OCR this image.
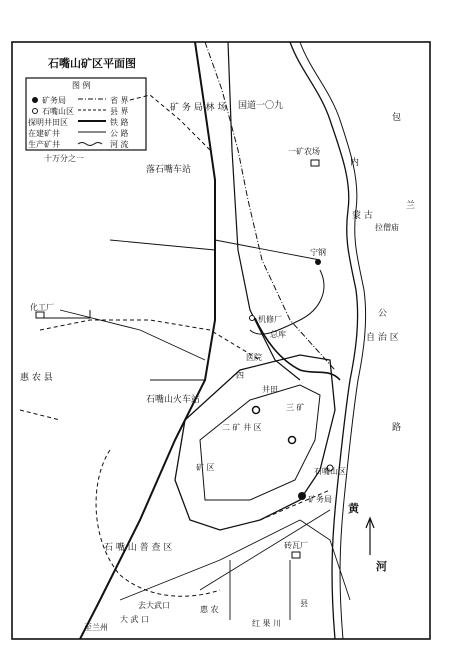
石嘴山矿区平面图
图 例
矿务局	省 界
石嘴山区	县 界
探明井田区	铁 路
在建矿井	公 路
生产矿井	河 流
十万分之一
矿 务 局 林 场
落石嘴车站
国道一〇九
一矿农场
内
包
兰
蒙 古
拉僧庙
公
自 治 区
路
宁钢
化工厂
机修厂
总库
医院
四
石嘴山火车站
惠 农 县
井田
二 矿 井 区
三 矿
矿 区	石嘴山区
矿务局
石 嘴 山 普 查 区
黄
河
砖瓦厂
去大武口
至兰州
惠 农
县
大 武 口	红 果 川
